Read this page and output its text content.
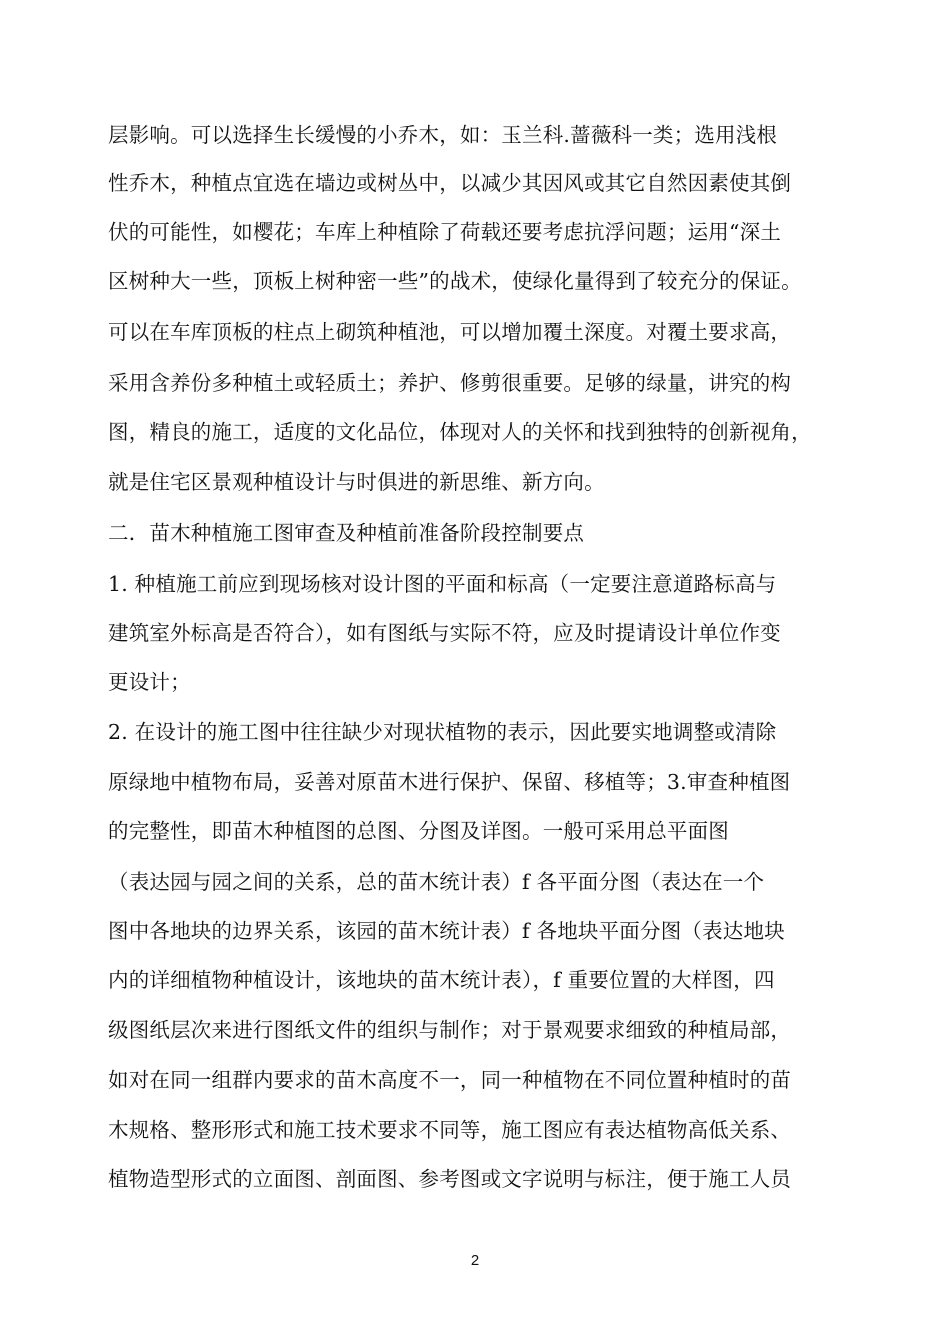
层影响。可以选择生长缓慢的小乔木，如：玉兰科.蔷薇科一类；选用浅根
性乔木，种植点宜选在墙边或树丛中，以减少其因风或其它自然因素使其倒
伏的可能性，如樱花；车库上种植除了荷载还要考虑抗浮问题；运用“深土
区树种大一些，顶板上树种密一些”的战术，使绿化量得到了较充分的保证。
可以在车库顶板的柱点上砌筑种植池，可以增加覆土深度。对覆土要求高，
采用含养份多种植土或轻质土；养护、修剪很重要。足够的绿量，讲究的构
图，精良的施工，适度的文化品位，体现对人的关怀和找到独特的创新视角，
就是住宅区景观种植设计与时俱进的新思维、新方向。
二．苗木种植施工图审查及种植前准备阶段控制要点
1. 种植施工前应到现场核对设计图的平面和标高（一定要注意道路标高与
建筑室外标高是否符合），如有图纸与实际不符，应及时提请设计单位作变
更设计；
2. 在设计的施工图中往往缺少对现状植物的表示，因此要实地调整或清除
原绿地中植物布局，妥善对原苗木进行保护、保留、移植等；3.审查种植图
的完整性，即苗木种植图的总图、分图及详图。一般可采用总平面图
（表达园与园之间的关系，总的苗木统计表）f 各平面分图（表达在一个
图中各地块的边界关系，该园的苗木统计表）f 各地块平面分图（表达地块
内的详细植物种植设计，该地块的苗木统计表），f 重要位置的大样图，四
级图纸层次来进行图纸文件的组织与制作；对于景观要求细致的种植局部，
如对在同一组群内要求的苗木高度不一，同一种植物在不同位置种植时的苗
木规格、整形形式和施工技术要求不同等，施工图应有表达植物高低关系、
植物造型形式的立面图、剖面图、参考图或文字说明与标注，便于施工人员
2
